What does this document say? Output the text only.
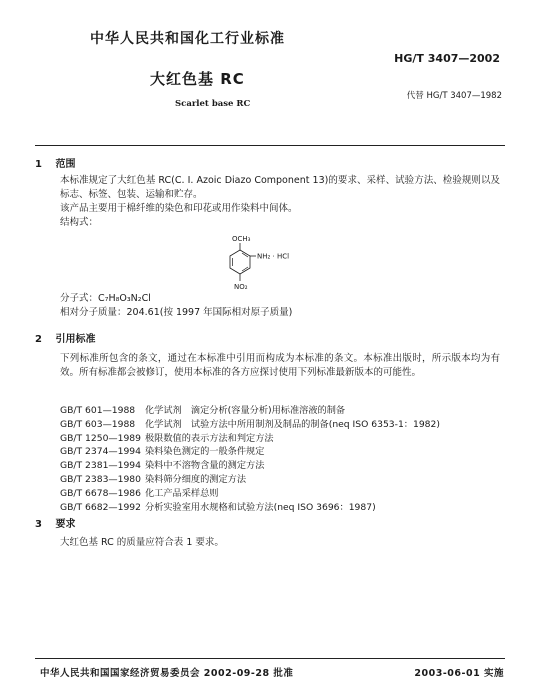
中华人民共和国化工行业标准
HG/T 3407—2002
大红色基 RC
代替 HG/T 3407—1982
Scarlet base RC
1 范围
本标准规定了大红色基 RC(C. I. Azoic Diazo Component 13)的要求、采样、试验方法、检验规则以及标志、标签、包装、运输和贮存。
该产品主要用于棉纤维的染色和印花或用作染料中间体。
结构式：
OCH₃
NH₂ · HCl
NO₂
分子式：C₇H₈O₃N₂Cl
相对分子质量：204.61(按 1997 年国际相对原子质量)
2 引用标准
下列标准所包含的条文，通过在本标准中引用而构成为本标准的条文。本标准出版时，所示版本均为有效。所有标准都会被修订，使用本标准的各方应探讨使用下列标准最新版本的可能性。
GB/T 601—1988 化学试剂　滴定分析(容量分析)用标准溶液的制备
GB/T 603—1988 化学试剂　试验方法中所用制剂及制品的制备(neq ISO 6353-1：1982)
GB/T 1250—1989 极限数值的表示方法和判定方法
GB/T 2374—1994 染料染色测定的一般条件规定
GB/T 2381—1994 染料中不溶物含量的测定方法
GB/T 2383—1980 染料筛分细度的测定方法
GB/T 6678—1986 化工产品采样总则
GB/T 6682—1992 分析实验室用水规格和试验方法(neq ISO 3696：1987)
3 要求
大红色基 RC 的质量应符合表 1 要求。
中华人民共和国国家经济贸易委员会 2002-09-28 批准	2003-06-01 实施
